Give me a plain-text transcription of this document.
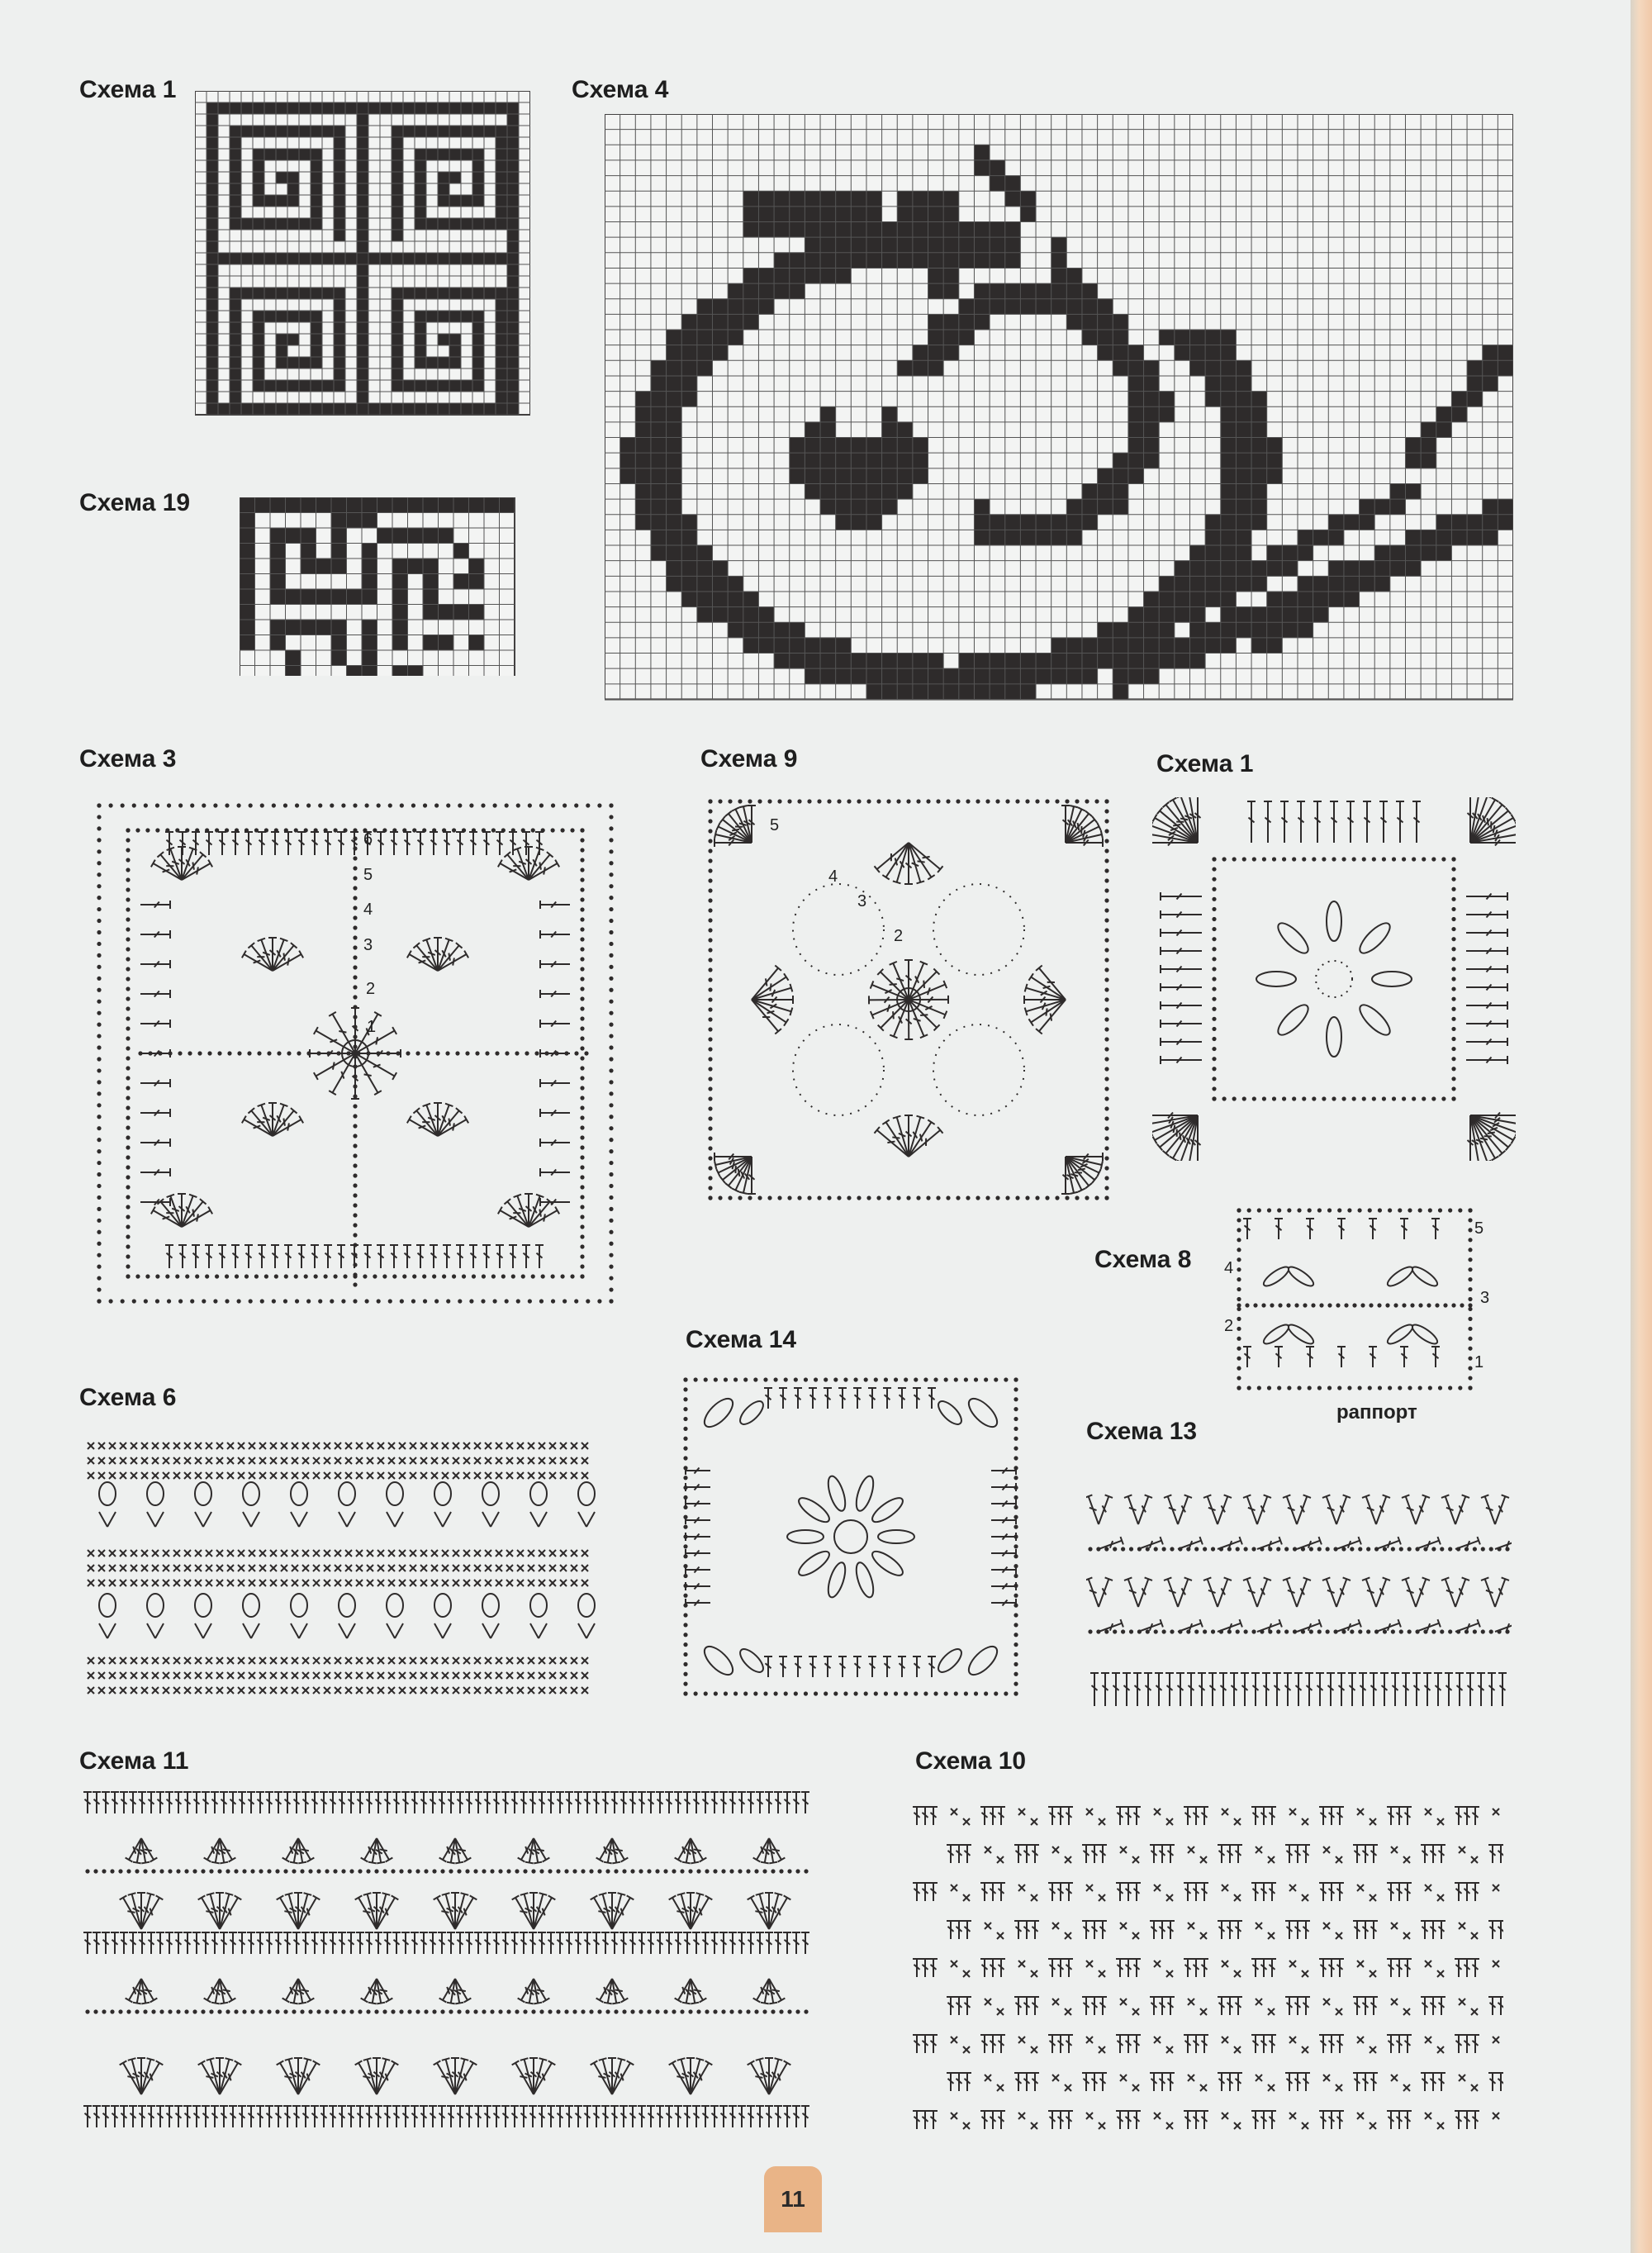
Схема 1	Схема 4
Схема 19
Схема 3	Схема 9	Схема 1
Схема 8
Схема 14
Схема 6
Схема 13
Схема 11	Схема 10
6
5
4
3
2
1
5
4
3
2
5
4
3
2
1
раппорт
11
